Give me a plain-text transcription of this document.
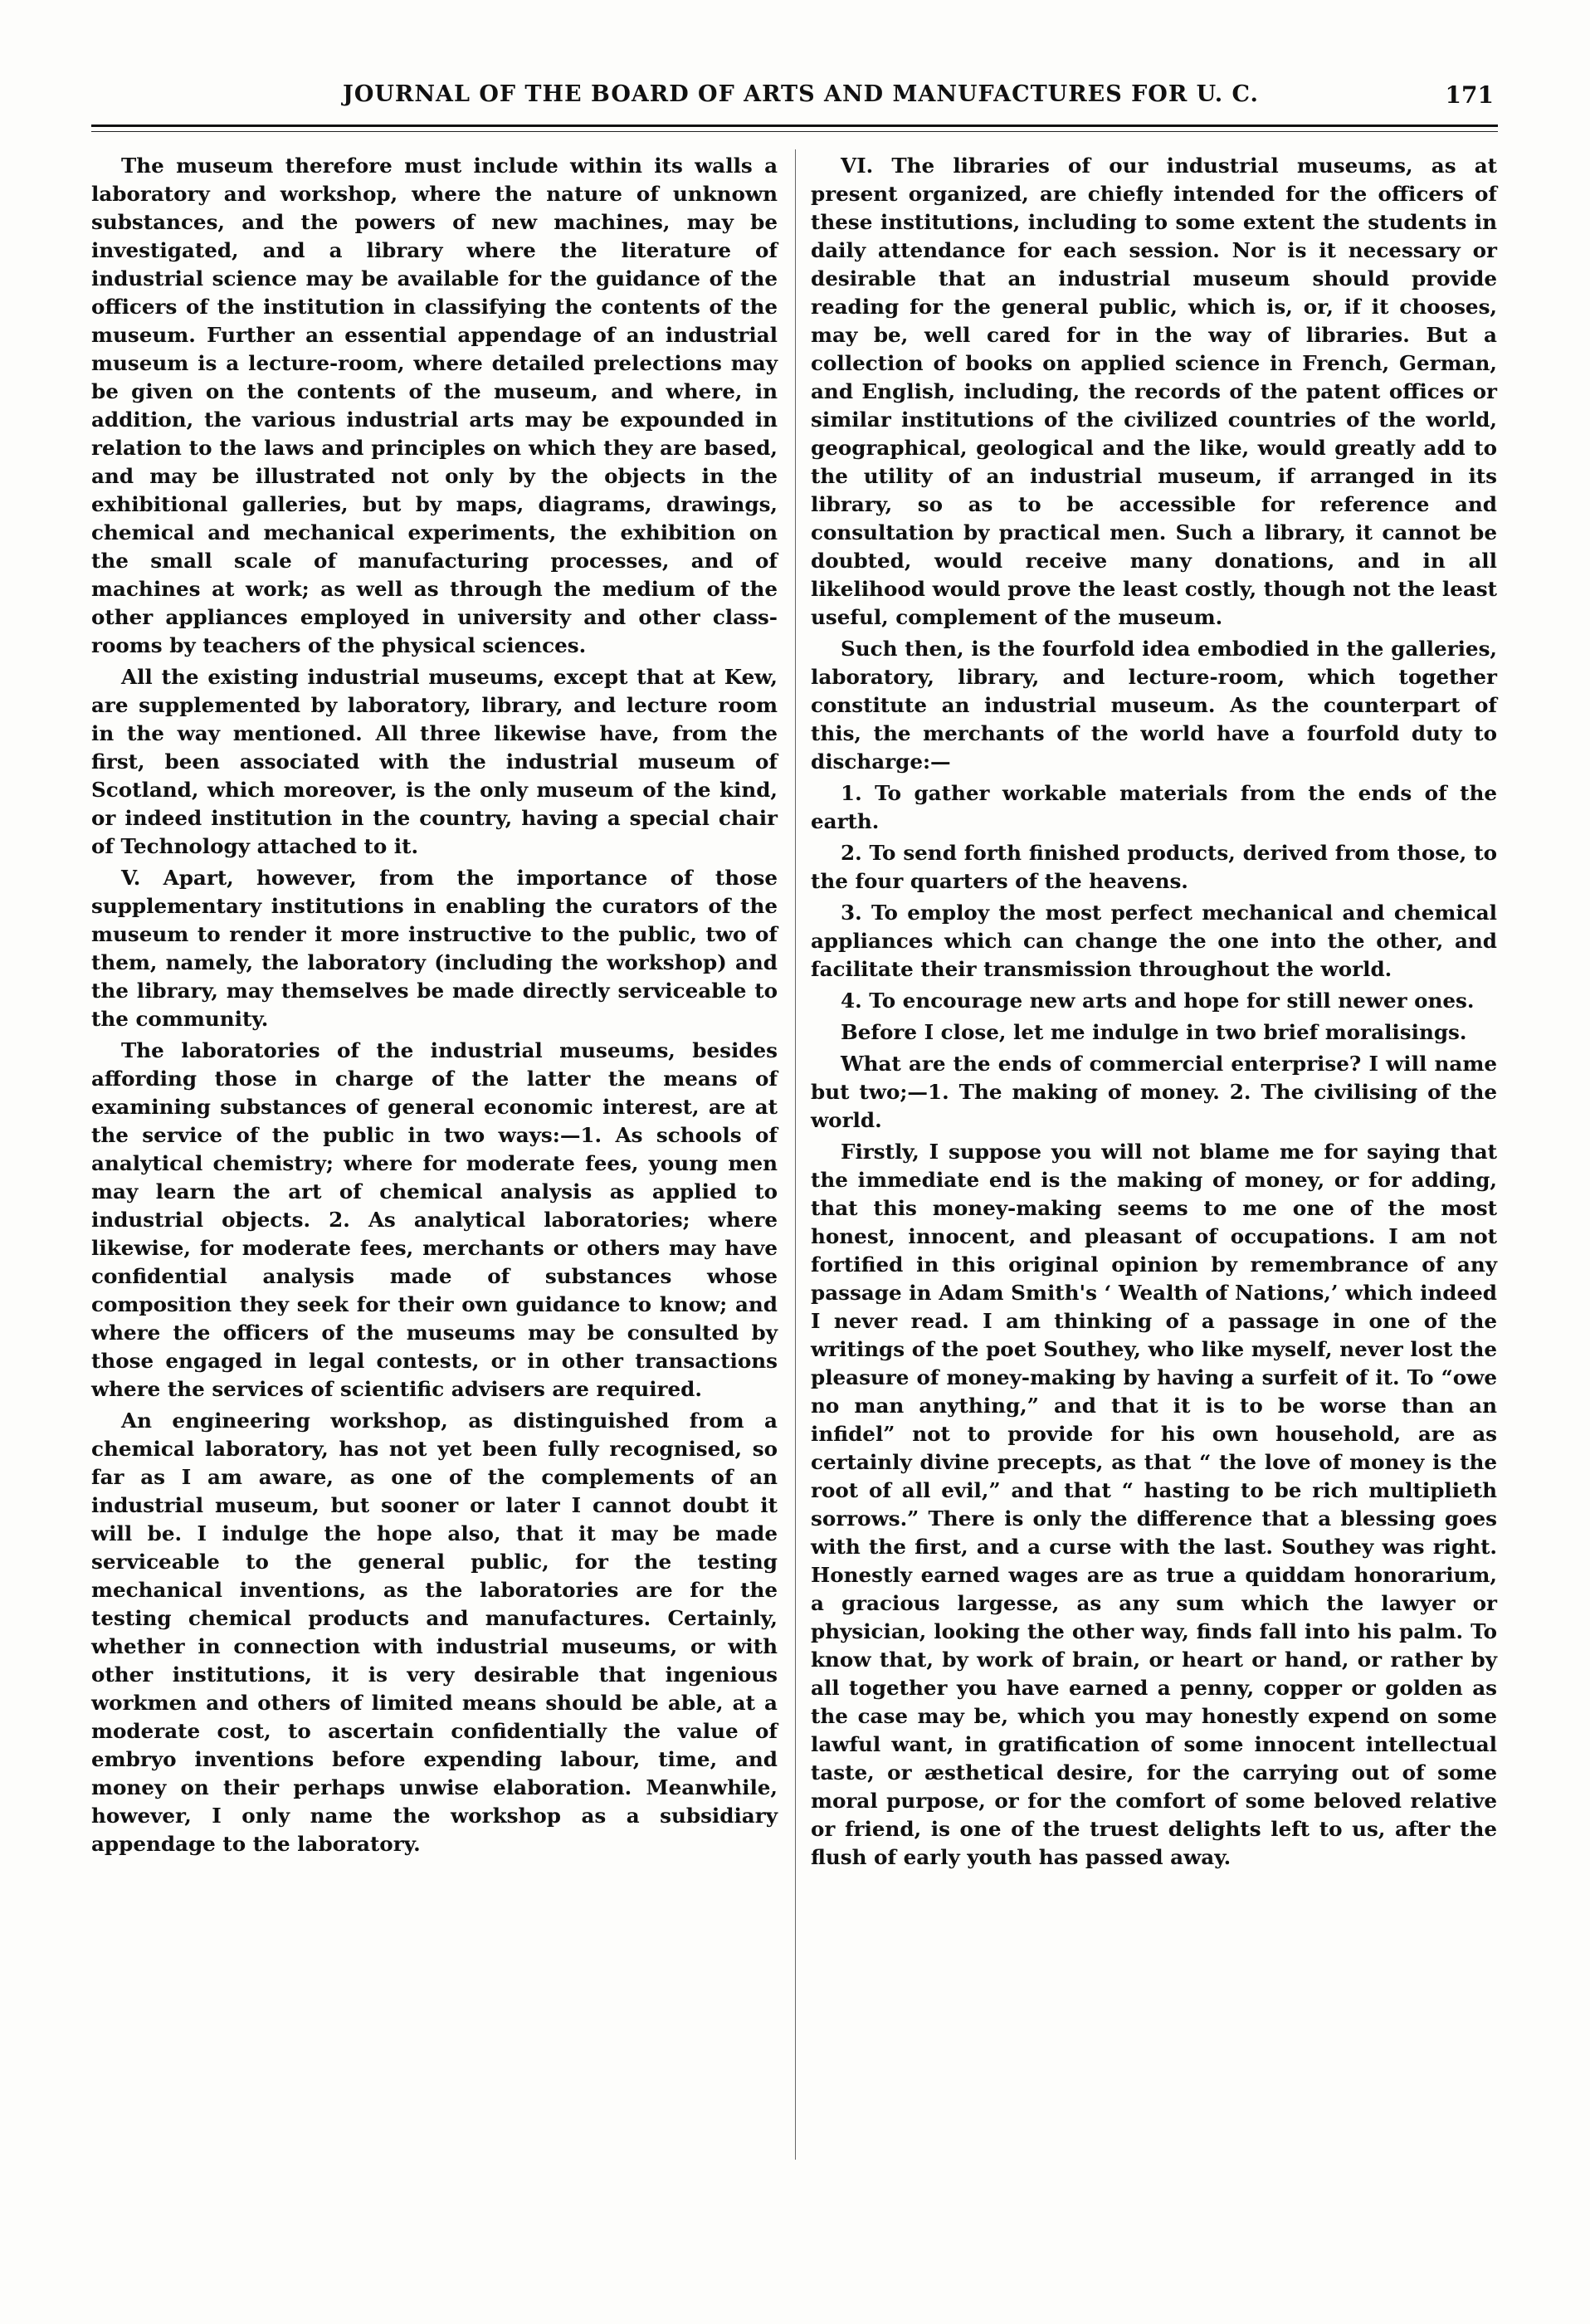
JOURNAL OF THE BOARD OF ARTS AND MANUFACTURES FOR U. C.	171

The museum therefore must include within its walls a laboratory and workshop, where the nature of unknown substances, and the powers of new machines, may be investigated, and a library where the literature of industrial science may be available for the guidance of the officers of the institution in classifying the contents of the museum. Further an essential appendage of an industrial museum is a lecture-room, where detailed prelections may be given on the contents of the museum, and where, in addition, the various industrial arts may be expounded in relation to the laws and principles on which they are based, and may be illustrated not only by the objects in the exhibitional galleries, but by maps, diagrams, drawings, chemical and mechanical experiments, the exhibition on the small scale of manufacturing processes, and of machines at work; as well as through the medium of the other appliances employed in university and other class-rooms by teachers of the physical sciences.

All the existing industrial museums, except that at Kew, are supplemented by laboratory, library, and lecture room in the way mentioned. All three likewise have, from the first, been associated with the industrial museum of Scotland, which moreover, is the only museum of the kind, or indeed institution in the country, having a special chair of Technology attached to it.

V. Apart, however, from the importance of those supplementary institutions in enabling the curators of the museum to render it more instructive to the public, two of them, namely, the laboratory (including the workshop) and the library, may themselves be made directly serviceable to the community.

The laboratories of the industrial museums, besides affording those in charge of the latter the means of examining substances of general economic interest, are at the service of the public in two ways:—1. As schools of analytical chemistry; where for moderate fees, young men may learn the art of chemical analysis as applied to industrial objects. 2. As analytical laboratories; where likewise, for moderate fees, merchants or others may have confidential analysis made of substances whose composition they seek for their own guidance to know; and where the officers of the museums may be consulted by those engaged in legal contests, or in other transactions where the services of scientific advisers are required.

An engineering workshop, as distinguished from a chemical laboratory, has not yet been fully recognised, so far as I am aware, as one of the complements of an industrial museum, but sooner or later I cannot doubt it will be. I indulge the hope also, that it may be made serviceable to the general public, for the testing mechanical inventions, as the laboratories are for the testing chemical products and manufactures. Certainly, whether in connection with industrial museums, or with other institutions, it is very desirable that ingenious workmen and others of limited means should be able, at a moderate cost, to ascertain confidentially the value of embryo inventions before expending labour, time, and money on their perhaps unwise elaboration. Meanwhile, however, I only name the workshop as a subsidiary appendage to the laboratory.

VI. The libraries of our industrial museums, as at present organized, are chiefly intended for the officers of these institutions, including to some extent the students in daily attendance for each session. Nor is it necessary or desirable that an industrial museum should provide reading for the general public, which is, or, if it chooses, may be, well cared for in the way of libraries. But a collection of books on applied science in French, German, and English, including, the records of the patent offices or similar institutions of the civilized countries of the world, geographical, geological and the like, would greatly add to the utility of an industrial museum, if arranged in its library, so as to be accessible for reference and consultation by practical men. Such a library, it cannot be doubted, would receive many donations, and in all likelihood would prove the least costly, though not the least useful, complement of the museum.

Such then, is the fourfold idea embodied in the galleries, laboratory, library, and lecture-room, which together constitute an industrial museum. As the counterpart of this, the merchants of the world have a fourfold duty to discharge:—

1. To gather workable materials from the ends of the earth.

2. To send forth finished products, derived from those, to the four quarters of the heavens.

3. To employ the most perfect mechanical and chemical appliances which can change the one into the other, and facilitate their transmission throughout the world.

4. To encourage new arts and hope for still newer ones.

Before I close, let me indulge in two brief moralisings.

What are the ends of commercial enterprise? I will name but two;—1. The making of money. 2. The civilising of the world.

Firstly, I suppose you will not blame me for saying that the immediate end is the making of money, or for adding, that this money-making seems to me one of the most honest, innocent, and pleasant of occupations. I am not fortified in this original opinion by remembrance of any passage in Adam Smith's ‘ Wealth of Nations,’ which indeed I never read. I am thinking of a passage in one of the writings of the poet Southey, who like myself, never lost the pleasure of money-making by having a surfeit of it. To “owe no man anything,” and that it is to be worse than an infidel” not to provide for his own household, are as certainly divine precepts, as that “ the love of money is the root of all evil,” and that “ hasting to be rich multiplieth sorrows.” There is only the difference that a blessing goes with the first, and a curse with the last. Southey was right. Honestly earned wages are as true a quiddam honorarium, a gracious largesse, as any sum which the lawyer or physician, looking the other way, finds fall into his palm. To know that, by work of brain, or heart or hand, or rather by all together you have earned a penny, copper or golden as the case may be, which you may honestly expend on some lawful want, in gratification of some innocent intellectual taste, or æsthetical desire, for the carrying out of some moral purpose, or for the comfort of some beloved relative or friend, is one of the truest delights left to us, after the flush of early youth has passed away.
